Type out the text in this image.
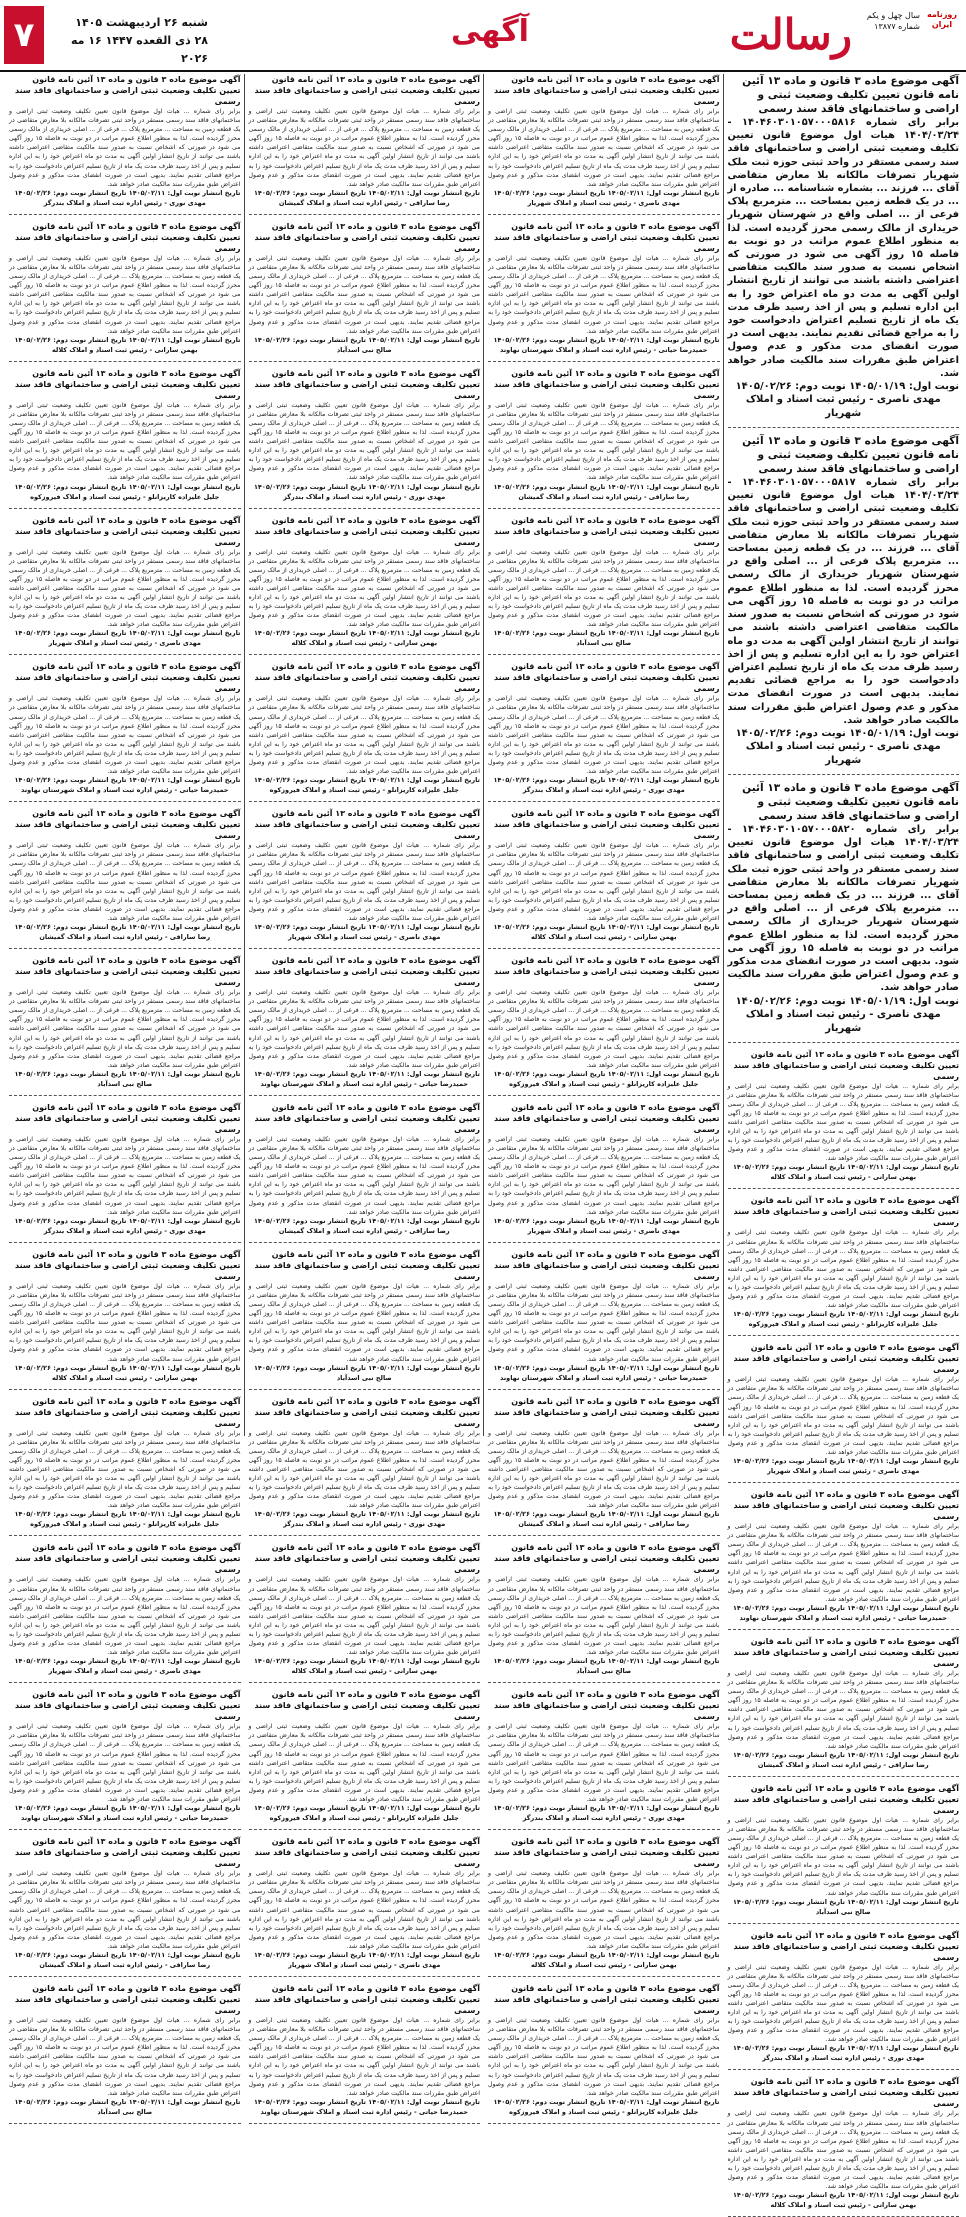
روزنامه ایران
سال چهل و یکم
شماره ۱۳۸۷۷
رسالت
آگهی
شنبه ۲۶ اردیبهشت ۱۴۰۵
۲۸ ذی القعده ۱۴۴۷ ۱۶ مه ۲۰۲۶
۷
آگهی موضوع ماده ۳ قانون و ماده ۱۳ آئین نامه قانون تعیین تکلیف وضعیت ثبتی و اراضی و ساختمانهای فاقد سند رسمی
برابر رای شماره ۱۴۰۴۶۰۳۰۱۰۵۷۰۰۰۵۸۱۶ - ۱۴۰۴/۰۳/۲۴ هیات اول موضوع قانون تعیین تکلیف وضعیت ثبتی اراضی و ساختمانهای فاقد سند رسمی مستقر در واحد ثبتی حوزه ثبت ملک شهریار تصرفات مالکانه بلا معارض متقاضی آقای ... فرزند ... بشماره شناسنامه ... صادره از ... در یک قطعه زمین بمساحت ... مترمربع پلاک فرعی از ... اصلی واقع در شهرستان شهریار خریداری از مالک رسمی محرز گردیده است. لذا به منظور اطلاع عموم مراتب در دو نوبت به فاصله ۱۵ روز آگهی می شود در صورتی که اشخاص نسبت به صدور سند مالکیت متقاضی اعتراضی داشته باشند می توانند از تاریخ انتشار اولین آگهی به مدت دو ماه اعتراض خود را به این اداره تسلیم و پس از اخذ رسید ظرف مدت یک ماه از تاریخ تسلیم اعتراض دادخواست خود را به مراجع قضائی تقدیم نمایند. بدیهی است در صورت انقضای مدت مذکور و عدم وصول اعتراض طبق مقررات سند مالکیت صادر خواهد شد.
نوبت اول: ۱۴۰۵/۰۱/۱۹ نوبت دوم: ۱۴۰۵/۰۲/۲۶
مهدی ناصری - رئیس ثبت اسناد و املاک شهریار
آگهی موضوع ماده ۳ قانون و ماده ۱۳ آئین نامه قانون تعیین تکلیف وضعیت ثبتی و اراضی و ساختمانهای فاقد سند رسمی
برابر رای شماره ۱۴۰۴۶۰۳۰۱۰۵۷۰۰۰۵۸۱۷ - ۱۴۰۴/۰۳/۲۴ هیات اول موضوع قانون تعیین تکلیف وضعیت ثبتی اراضی و ساختمانهای فاقد سند رسمی مستقر در واحد ثبتی حوزه ثبت ملک شهریار تصرفات مالکانه بلا معارض متقاضی آقای ... فرزند ... در یک قطعه زمین بمساحت ... مترمربع پلاک فرعی از ... اصلی واقع در شهرستان شهریار خریداری از مالک رسمی محرز گردیده است. لذا به منظور اطلاع عموم مراتب در دو نوبت به فاصله ۱۵ روز آگهی می شود در صورتی که اشخاص نسبت به صدور سند مالکیت متقاضی اعتراضی داشته باشند می توانند از تاریخ انتشار اولین آگهی به مدت دو ماه اعتراض خود را به این اداره تسلیم و پس از اخذ رسید ظرف مدت یک ماه از تاریخ تسلیم اعتراض دادخواست خود را به مراجع قضائی تقدیم نمایند. بدیهی است در صورت انقضای مدت مذکور و عدم وصول اعتراض طبق مقررات سند مالکیت صادر خواهد شد.
نوبت اول: ۱۴۰۵/۰۱/۱۹ نوبت دوم: ۱۴۰۵/۰۲/۲۶
مهدی ناصری - رئیس ثبت اسناد و املاک شهریار
آگهی موضوع ماده ۳ قانون و ماده ۱۳ آئین نامه قانون تعیین تکلیف وضعیت ثبتی و اراضی و ساختمانهای فاقد سند رسمی
برابر رای شماره ۱۴۰۴۶۰۳۰۱۰۵۷۰۰۰۵۸۲۰ - ۱۴۰۴/۰۳/۲۴ هیات اول موضوع قانون تعیین تکلیف وضعیت ثبتی اراضی و ساختمانهای فاقد سند رسمی مستقر در واحد ثبتی حوزه ثبت ملک شهریار تصرفات مالکانه بلا معارض متقاضی آقای ... فرزند ... در یک قطعه زمین بمساحت ... مترمربع پلاک فرعی از ... اصلی واقع در شهرستان شهریار خریداری از مالک رسمی محرز گردیده است. لذا به منظور اطلاع عموم مراتب در دو نوبت به فاصله ۱۵ روز آگهی می شود. بدیهی است در صورت انقضای مدت مذکور و عدم وصول اعتراض طبق مقررات سند مالکیت صادر خواهد شد.
نوبت اول: ۱۴۰۵/۰۱/۱۹ نوبت دوم: ۱۴۰۵/۰۲/۲۶
مهدی ناصری - رئیس ثبت اسناد و املاک شهریار
آگهی موضوع ماده ۳ قانون و ماده ۱۳ آئین نامه قانون تعیین تکلیف وضعیت ثبتی اراضی و ساختمانهای فاقد سند رسمی
برابر رای شماره ... هیات اول موضوع قانون تعیین تکلیف وضعیت ثبتی اراضی و ساختمانهای فاقد سند رسمی مستقر در واحد ثبتی تصرفات مالکانه بلا معارض متقاضی در یک قطعه زمین به مساحت ... مترمربع پلاک ... فرعی از ... اصلی خریداری از مالک رسمی محرز گردیده است. لذا به منظور اطلاع عموم مراتب در دو نوبت به فاصله ۱۵ روز آگهی می شود در صورتی که اشخاص نسبت به صدور سند مالکیت متقاضی اعتراضی داشته باشند می توانند از تاریخ انتشار اولین آگهی به مدت دو ماه اعتراض خود را به این اداره تسلیم و پس از اخذ رسید ظرف مدت یک ماه از تاریخ تسلیم اعتراض دادخواست خود را به مراجع قضائی تقدیم نمایند. بدیهی است در صورت انقضای مدت مذکور و عدم وصول اعتراض طبق مقررات سند مالکیت صادر خواهد شد.
تاریخ انتشار نوبت اول: ۱۴۰۵/۰۲/۱۱ تاریخ انتشار نوبت دوم: ۱۴۰۵/۰۲/۲۶
بهمن سارانی - رئیس ثبت اسناد و املاک کلاله
آگهی موضوع ماده ۳ قانون و ماده ۱۳ آئین نامه قانون تعیین تکلیف وضعیت ثبتی اراضی و ساختمانهای فاقد سند رسمی
برابر رای شماره ... هیات اول موضوع قانون تعیین تکلیف وضعیت ثبتی اراضی و ساختمانهای فاقد سند رسمی مستقر در واحد ثبتی تصرفات مالکانه بلا معارض متقاضی در یک قطعه زمین به مساحت ... مترمربع پلاک ... فرعی از ... اصلی خریداری از مالک رسمی محرز گردیده است. لذا به منظور اطلاع عموم مراتب در دو نوبت به فاصله ۱۵ روز آگهی می شود در صورتی که اشخاص نسبت به صدور سند مالکیت متقاضی اعتراضی داشته باشند می توانند از تاریخ انتشار اولین آگهی به مدت دو ماه اعتراض خود را به این اداره تسلیم و پس از اخذ رسید ظرف مدت یک ماه از تاریخ تسلیم اعتراض دادخواست خود را به مراجع قضائی تقدیم نمایند. بدیهی است در صورت انقضای مدت مذکور و عدم وصول اعتراض طبق مقررات سند مالکیت صادر خواهد شد.
تاریخ انتشار نوبت اول: ۱۴۰۵/۰۲/۱۱ تاریخ انتشار نوبت دوم: ۱۴۰۵/۰۲/۲۶
جلیل علیزاده کاریزانلو - رئیس ثبت اسناد و املاک فیروزکوه
آگهی موضوع ماده ۳ قانون و ماده ۱۳ آئین نامه قانون تعیین تکلیف وضعیت ثبتی اراضی و ساختمانهای فاقد سند رسمی
برابر رای شماره ... هیات اول موضوع قانون تعیین تکلیف وضعیت ثبتی اراضی و ساختمانهای فاقد سند رسمی مستقر در واحد ثبتی تصرفات مالکانه بلا معارض متقاضی در یک قطعه زمین به مساحت ... مترمربع پلاک ... فرعی از ... اصلی خریداری از مالک رسمی محرز گردیده است. لذا به منظور اطلاع عموم مراتب در دو نوبت به فاصله ۱۵ روز آگهی می شود در صورتی که اشخاص نسبت به صدور سند مالکیت متقاضی اعتراضی داشته باشند می توانند از تاریخ انتشار اولین آگهی به مدت دو ماه اعتراض خود را به این اداره تسلیم و پس از اخذ رسید ظرف مدت یک ماه از تاریخ تسلیم اعتراض دادخواست خود را به مراجع قضائی تقدیم نمایند. بدیهی است در صورت انقضای مدت مذکور و عدم وصول اعتراض طبق مقررات سند مالکیت صادر خواهد شد.
تاریخ انتشار نوبت اول: ۱۴۰۵/۰۲/۱۱ تاریخ انتشار نوبت دوم: ۱۴۰۵/۰۲/۲۶
مهدی ناصری - رئیس ثبت اسناد و املاک شهریار
آگهی موضوع ماده ۳ قانون و ماده ۱۳ آئین نامه قانون تعیین تکلیف وضعیت ثبتی اراضی و ساختمانهای فاقد سند رسمی
برابر رای شماره ... هیات اول موضوع قانون تعیین تکلیف وضعیت ثبتی اراضی و ساختمانهای فاقد سند رسمی مستقر در واحد ثبتی تصرفات مالکانه بلا معارض متقاضی در یک قطعه زمین به مساحت ... مترمربع پلاک ... فرعی از ... اصلی خریداری از مالک رسمی محرز گردیده است. لذا به منظور اطلاع عموم مراتب در دو نوبت به فاصله ۱۵ روز آگهی می شود در صورتی که اشخاص نسبت به صدور سند مالکیت متقاضی اعتراضی داشته باشند می توانند از تاریخ انتشار اولین آگهی به مدت دو ماه اعتراض خود را به این اداره تسلیم و پس از اخذ رسید ظرف مدت یک ماه از تاریخ تسلیم اعتراض دادخواست خود را به مراجع قضائی تقدیم نمایند. بدیهی است در صورت انقضای مدت مذکور و عدم وصول اعتراض طبق مقررات سند مالکیت صادر خواهد شد.
تاریخ انتشار نوبت اول: ۱۴۰۵/۰۲/۱۱ تاریخ انتشار نوبت دوم: ۱۴۰۵/۰۲/۲۶
حمیدرضا حیاتی - رئیس اداره ثبت اسناد و املاک شهرستان نهاوند
آگهی موضوع ماده ۳ قانون و ماده ۱۳ آئین نامه قانون تعیین تکلیف وضعیت ثبتی اراضی و ساختمانهای فاقد سند رسمی
برابر رای شماره ... هیات اول موضوع قانون تعیین تکلیف وضعیت ثبتی اراضی و ساختمانهای فاقد سند رسمی مستقر در واحد ثبتی تصرفات مالکانه بلا معارض متقاضی در یک قطعه زمین به مساحت ... مترمربع پلاک ... فرعی از ... اصلی خریداری از مالک رسمی محرز گردیده است. لذا به منظور اطلاع عموم مراتب در دو نوبت به فاصله ۱۵ روز آگهی می شود در صورتی که اشخاص نسبت به صدور سند مالکیت متقاضی اعتراضی داشته باشند می توانند از تاریخ انتشار اولین آگهی به مدت دو ماه اعتراض خود را به این اداره تسلیم و پس از اخذ رسید ظرف مدت یک ماه از تاریخ تسلیم اعتراض دادخواست خود را به مراجع قضائی تقدیم نمایند. بدیهی است در صورت انقضای مدت مذکور و عدم وصول اعتراض طبق مقررات سند مالکیت صادر خواهد شد.
تاریخ انتشار نوبت اول: ۱۴۰۵/۰۲/۱۱ تاریخ انتشار نوبت دوم: ۱۴۰۵/۰۲/۲۶
رضا ساراقی - رئیس اداره ثبت اسناد و املاک گمیشان
آگهی موضوع ماده ۳ قانون و ماده ۱۳ آئین نامه قانون تعیین تکلیف وضعیت ثبتی اراضی و ساختمانهای فاقد سند رسمی
برابر رای شماره ... هیات اول موضوع قانون تعیین تکلیف وضعیت ثبتی اراضی و ساختمانهای فاقد سند رسمی مستقر در واحد ثبتی تصرفات مالکانه بلا معارض متقاضی در یک قطعه زمین به مساحت ... مترمربع پلاک ... فرعی از ... اصلی خریداری از مالک رسمی محرز گردیده است. لذا به منظور اطلاع عموم مراتب در دو نوبت به فاصله ۱۵ روز آگهی می شود در صورتی که اشخاص نسبت به صدور سند مالکیت متقاضی اعتراضی داشته باشند می توانند از تاریخ انتشار اولین آگهی به مدت دو ماه اعتراض خود را به این اداره تسلیم و پس از اخذ رسید ظرف مدت یک ماه از تاریخ تسلیم اعتراض دادخواست خود را به مراجع قضائی تقدیم نمایند. بدیهی است در صورت انقضای مدت مذکور و عدم وصول اعتراض طبق مقررات سند مالکیت صادر خواهد شد.
تاریخ انتشار نوبت اول: ۱۴۰۵/۰۲/۱۱ تاریخ انتشار نوبت دوم: ۱۴۰۵/۰۲/۲۶
صالح نبی اسدآباد
آگهی موضوع ماده ۳ قانون و ماده ۱۳ آئین نامه قانون تعیین تکلیف وضعیت ثبتی اراضی و ساختمانهای فاقد سند رسمی
برابر رای شماره ... هیات اول موضوع قانون تعیین تکلیف وضعیت ثبتی اراضی و ساختمانهای فاقد سند رسمی مستقر در واحد ثبتی تصرفات مالکانه بلا معارض متقاضی در یک قطعه زمین به مساحت ... مترمربع پلاک ... فرعی از ... اصلی خریداری از مالک رسمی محرز گردیده است. لذا به منظور اطلاع عموم مراتب در دو نوبت به فاصله ۱۵ روز آگهی می شود در صورتی که اشخاص نسبت به صدور سند مالکیت متقاضی اعتراضی داشته باشند می توانند از تاریخ انتشار اولین آگهی به مدت دو ماه اعتراض خود را به این اداره تسلیم و پس از اخذ رسید ظرف مدت یک ماه از تاریخ تسلیم اعتراض دادخواست خود را به مراجع قضائی تقدیم نمایند. بدیهی است در صورت انقضای مدت مذکور و عدم وصول اعتراض طبق مقررات سند مالکیت صادر خواهد شد.
تاریخ انتشار نوبت اول: ۱۴۰۵/۰۲/۱۱ تاریخ انتشار نوبت دوم: ۱۴۰۵/۰۲/۲۶
مهدی نوری - رئیس اداره ثبت اسناد و املاک بندرگز
آگهی موضوع ماده ۳ قانون و ماده ۱۳ آئین نامه قانون تعیین تکلیف وضعیت ثبتی اراضی و ساختمانهای فاقد سند رسمی
برابر رای شماره ... هیات اول موضوع قانون تعیین تکلیف وضعیت ثبتی اراضی و ساختمانهای فاقد سند رسمی مستقر در واحد ثبتی تصرفات مالکانه بلا معارض متقاضی در یک قطعه زمین به مساحت ... مترمربع پلاک ... فرعی از ... اصلی خریداری از مالک رسمی محرز گردیده است. لذا به منظور اطلاع عموم مراتب در دو نوبت به فاصله ۱۵ روز آگهی می شود در صورتی که اشخاص نسبت به صدور سند مالکیت متقاضی اعتراضی داشته باشند می توانند از تاریخ انتشار اولین آگهی به مدت دو ماه اعتراض خود را به این اداره تسلیم و پس از اخذ رسید ظرف مدت یک ماه از تاریخ تسلیم اعتراض دادخواست خود را به مراجع قضائی تقدیم نمایند. بدیهی است در صورت انقضای مدت مذکور و عدم وصول اعتراض طبق مقررات سند مالکیت صادر خواهد شد.
تاریخ انتشار نوبت اول: ۱۴۰۵/۰۲/۱۱ تاریخ انتشار نوبت دوم: ۱۴۰۵/۰۲/۲۶
بهمن سارانی - رئیس ثبت اسناد و املاک کلاله
آگهی موضوع ماده ۳ قانون و ماده ۱۳ آئین نامه قانون تعیین تکلیف وضعیت ثبتی اراضی و ساختمانهای فاقد سند رسمی
برابر رای شماره ... هیات اول موضوع قانون تعیین تکلیف وضعیت ثبتی اراضی و ساختمانهای فاقد سند رسمی مستقر در واحد ثبتی تصرفات مالکانه بلا معارض متقاضی در یک قطعه زمین به مساحت ... مترمربع پلاک ... فرعی از ... اصلی خریداری از مالک رسمی محرز گردیده است. لذا به منظور اطلاع عموم مراتب در دو نوبت به فاصله ۱۵ روز آگهی می شود در صورتی که اشخاص نسبت به صدور سند مالکیت متقاضی اعتراضی داشته باشند می توانند از تاریخ انتشار اولین آگهی به مدت دو ماه اعتراض خود را به این اداره تسلیم و پس از اخذ رسید ظرف مدت یک ماه از تاریخ تسلیم اعتراض دادخواست خود را به مراجع قضائی تقدیم نمایند. بدیهی است در صورت انقضای مدت مذکور و عدم وصول اعتراض طبق مقررات سند مالکیت صادر خواهد شد.
تاریخ انتشار نوبت اول: ۱۴۰۵/۰۲/۱۱ تاریخ انتشار نوبت دوم: ۱۴۰۵/۰۲/۲۶
مهدی ناصری - رئیس ثبت اسناد و املاک شهریار
آگهی موضوع ماده ۳ قانون و ماده ۱۳ آئین نامه قانون تعیین تکلیف وضعیت ثبتی اراضی و ساختمانهای فاقد سند رسمی
برابر رای شماره ... هیات اول موضوع قانون تعیین تکلیف وضعیت ثبتی اراضی و ساختمانهای فاقد سند رسمی مستقر در واحد ثبتی تصرفات مالکانه بلا معارض متقاضی در یک قطعه زمین به مساحت ... مترمربع پلاک ... فرعی از ... اصلی خریداری از مالک رسمی محرز گردیده است. لذا به منظور اطلاع عموم مراتب در دو نوبت به فاصله ۱۵ روز آگهی می شود در صورتی که اشخاص نسبت به صدور سند مالکیت متقاضی اعتراضی داشته باشند می توانند از تاریخ انتشار اولین آگهی به مدت دو ماه اعتراض خود را به این اداره تسلیم و پس از اخذ رسید ظرف مدت یک ماه از تاریخ تسلیم اعتراض دادخواست خود را به مراجع قضائی تقدیم نمایند. بدیهی است در صورت انقضای مدت مذکور و عدم وصول اعتراض طبق مقررات سند مالکیت صادر خواهد شد.
تاریخ انتشار نوبت اول: ۱۴۰۵/۰۲/۱۱ تاریخ انتشار نوبت دوم: ۱۴۰۵/۰۲/۲۶
حمیدرضا حیاتی - رئیس اداره ثبت اسناد و املاک شهرستان نهاوند
آگهی موضوع ماده ۳ قانون و ماده ۱۳ آئین نامه قانون تعیین تکلیف وضعیت ثبتی اراضی و ساختمانهای فاقد سند رسمی
برابر رای شماره ... هیات اول موضوع قانون تعیین تکلیف وضعیت ثبتی اراضی و ساختمانهای فاقد سند رسمی مستقر در واحد ثبتی تصرفات مالکانه بلا معارض متقاضی در یک قطعه زمین به مساحت ... مترمربع پلاک ... فرعی از ... اصلی خریداری از مالک رسمی محرز گردیده است. لذا به منظور اطلاع عموم مراتب در دو نوبت به فاصله ۱۵ روز آگهی می شود در صورتی که اشخاص نسبت به صدور سند مالکیت متقاضی اعتراضی داشته باشند می توانند از تاریخ انتشار اولین آگهی به مدت دو ماه اعتراض خود را به این اداره تسلیم و پس از اخذ رسید ظرف مدت یک ماه از تاریخ تسلیم اعتراض دادخواست خود را به مراجع قضائی تقدیم نمایند. بدیهی است در صورت انقضای مدت مذکور و عدم وصول اعتراض طبق مقررات سند مالکیت صادر خواهد شد.
تاریخ انتشار نوبت اول: ۱۴۰۵/۰۲/۱۱ تاریخ انتشار نوبت دوم: ۱۴۰۵/۰۲/۲۶
رضا ساراقی - رئیس اداره ثبت اسناد و املاک گمیشان
آگهی موضوع ماده ۳ قانون و ماده ۱۳ آئین نامه قانون تعیین تکلیف وضعیت ثبتی اراضی و ساختمانهای فاقد سند رسمی
برابر رای شماره ... هیات اول موضوع قانون تعیین تکلیف وضعیت ثبتی اراضی و ساختمانهای فاقد سند رسمی مستقر در واحد ثبتی تصرفات مالکانه بلا معارض متقاضی در یک قطعه زمین به مساحت ... مترمربع پلاک ... فرعی از ... اصلی خریداری از مالک رسمی محرز گردیده است. لذا به منظور اطلاع عموم مراتب در دو نوبت به فاصله ۱۵ روز آگهی می شود در صورتی که اشخاص نسبت به صدور سند مالکیت متقاضی اعتراضی داشته باشند می توانند از تاریخ انتشار اولین آگهی به مدت دو ماه اعتراض خود را به این اداره تسلیم و پس از اخذ رسید ظرف مدت یک ماه از تاریخ تسلیم اعتراض دادخواست خود را به مراجع قضائی تقدیم نمایند. بدیهی است در صورت انقضای مدت مذکور و عدم وصول اعتراض طبق مقررات سند مالکیت صادر خواهد شد.
تاریخ انتشار نوبت اول: ۱۴۰۵/۰۲/۱۱ تاریخ انتشار نوبت دوم: ۱۴۰۵/۰۲/۲۶
صالح نبی اسدآباد
آگهی موضوع ماده ۳ قانون و ماده ۱۳ آئین نامه قانون تعیین تکلیف وضعیت ثبتی اراضی و ساختمانهای فاقد سند رسمی
برابر رای شماره ... هیات اول موضوع قانون تعیین تکلیف وضعیت ثبتی اراضی و ساختمانهای فاقد سند رسمی مستقر در واحد ثبتی تصرفات مالکانه بلا معارض متقاضی در یک قطعه زمین به مساحت ... مترمربع پلاک ... فرعی از ... اصلی خریداری از مالک رسمی محرز گردیده است. لذا به منظور اطلاع عموم مراتب در دو نوبت به فاصله ۱۵ روز آگهی می شود در صورتی که اشخاص نسبت به صدور سند مالکیت متقاضی اعتراضی داشته باشند می توانند از تاریخ انتشار اولین آگهی به مدت دو ماه اعتراض خود را به این اداره تسلیم و پس از اخذ رسید ظرف مدت یک ماه از تاریخ تسلیم اعتراض دادخواست خود را به مراجع قضائی تقدیم نمایند. بدیهی است در صورت انقضای مدت مذکور و عدم وصول اعتراض طبق مقررات سند مالکیت صادر خواهد شد.
تاریخ انتشار نوبت اول: ۱۴۰۵/۰۲/۱۱ تاریخ انتشار نوبت دوم: ۱۴۰۵/۰۲/۲۶
مهدی نوری - رئیس اداره ثبت اسناد و املاک بندرگز
آگهی موضوع ماده ۳ قانون و ماده ۱۳ آئین نامه قانون تعیین تکلیف وضعیت ثبتی اراضی و ساختمانهای فاقد سند رسمی
برابر رای شماره ... هیات اول موضوع قانون تعیین تکلیف وضعیت ثبتی اراضی و ساختمانهای فاقد سند رسمی مستقر در واحد ثبتی تصرفات مالکانه بلا معارض متقاضی در یک قطعه زمین به مساحت ... مترمربع پلاک ... فرعی از ... اصلی خریداری از مالک رسمی محرز گردیده است. لذا به منظور اطلاع عموم مراتب در دو نوبت به فاصله ۱۵ روز آگهی می شود در صورتی که اشخاص نسبت به صدور سند مالکیت متقاضی اعتراضی داشته باشند می توانند از تاریخ انتشار اولین آگهی به مدت دو ماه اعتراض خود را به این اداره تسلیم و پس از اخذ رسید ظرف مدت یک ماه از تاریخ تسلیم اعتراض دادخواست خود را به مراجع قضائی تقدیم نمایند. بدیهی است در صورت انقضای مدت مذکور و عدم وصول اعتراض طبق مقررات سند مالکیت صادر خواهد شد.
تاریخ انتشار نوبت اول: ۱۴۰۵/۰۲/۱۱ تاریخ انتشار نوبت دوم: ۱۴۰۵/۰۲/۲۶
بهمن سارانی - رئیس ثبت اسناد و املاک کلاله
آگهی موضوع ماده ۳ قانون و ماده ۱۳ آئین نامه قانون تعیین تکلیف وضعیت ثبتی اراضی و ساختمانهای فاقد سند رسمی
برابر رای شماره ... هیات اول موضوع قانون تعیین تکلیف وضعیت ثبتی اراضی و ساختمانهای فاقد سند رسمی مستقر در واحد ثبتی تصرفات مالکانه بلا معارض متقاضی در یک قطعه زمین به مساحت ... مترمربع پلاک ... فرعی از ... اصلی خریداری از مالک رسمی محرز گردیده است. لذا به منظور اطلاع عموم مراتب در دو نوبت به فاصله ۱۵ روز آگهی می شود در صورتی که اشخاص نسبت به صدور سند مالکیت متقاضی اعتراضی داشته باشند می توانند از تاریخ انتشار اولین آگهی به مدت دو ماه اعتراض خود را به این اداره تسلیم و پس از اخذ رسید ظرف مدت یک ماه از تاریخ تسلیم اعتراض دادخواست خود را به مراجع قضائی تقدیم نمایند. بدیهی است در صورت انقضای مدت مذکور و عدم وصول اعتراض طبق مقررات سند مالکیت صادر خواهد شد.
تاریخ انتشار نوبت اول: ۱۴۰۵/۰۲/۱۱ تاریخ انتشار نوبت دوم: ۱۴۰۵/۰۲/۲۶
جلیل علیزاده کاریزانلو - رئیس ثبت اسناد و املاک فیروزکوه
آگهی موضوع ماده ۳ قانون و ماده ۱۳ آئین نامه قانون تعیین تکلیف وضعیت ثبتی اراضی و ساختمانهای فاقد سند رسمی
برابر رای شماره ... هیات اول موضوع قانون تعیین تکلیف وضعیت ثبتی اراضی و ساختمانهای فاقد سند رسمی مستقر در واحد ثبتی تصرفات مالکانه بلا معارض متقاضی در یک قطعه زمین به مساحت ... مترمربع پلاک ... فرعی از ... اصلی خریداری از مالک رسمی محرز گردیده است. لذا به منظور اطلاع عموم مراتب در دو نوبت به فاصله ۱۵ روز آگهی می شود در صورتی که اشخاص نسبت به صدور سند مالکیت متقاضی اعتراضی داشته باشند می توانند از تاریخ انتشار اولین آگهی به مدت دو ماه اعتراض خود را به این اداره تسلیم و پس از اخذ رسید ظرف مدت یک ماه از تاریخ تسلیم اعتراض دادخواست خود را به مراجع قضائی تقدیم نمایند. بدیهی است در صورت انقضای مدت مذکور و عدم وصول اعتراض طبق مقررات سند مالکیت صادر خواهد شد.
تاریخ انتشار نوبت اول: ۱۴۰۵/۰۲/۱۱ تاریخ انتشار نوبت دوم: ۱۴۰۵/۰۲/۲۶
مهدی ناصری - رئیس ثبت اسناد و املاک شهریار
آگهی موضوع ماده ۳ قانون و ماده ۱۳ آئین نامه قانون تعیین تکلیف وضعیت ثبتی اراضی و ساختمانهای فاقد سند رسمی
برابر رای شماره ... هیات اول موضوع قانون تعیین تکلیف وضعیت ثبتی اراضی و ساختمانهای فاقد سند رسمی مستقر در واحد ثبتی تصرفات مالکانه بلا معارض متقاضی در یک قطعه زمین به مساحت ... مترمربع پلاک ... فرعی از ... اصلی خریداری از مالک رسمی محرز گردیده است. لذا به منظور اطلاع عموم مراتب در دو نوبت به فاصله ۱۵ روز آگهی می شود در صورتی که اشخاص نسبت به صدور سند مالکیت متقاضی اعتراضی داشته باشند می توانند از تاریخ انتشار اولین آگهی به مدت دو ماه اعتراض خود را به این اداره تسلیم و پس از اخذ رسید ظرف مدت یک ماه از تاریخ تسلیم اعتراض دادخواست خود را به مراجع قضائی تقدیم نمایند. بدیهی است در صورت انقضای مدت مذکور و عدم وصول اعتراض طبق مقررات سند مالکیت صادر خواهد شد.
تاریخ انتشار نوبت اول: ۱۴۰۵/۰۲/۱۱ تاریخ انتشار نوبت دوم: ۱۴۰۵/۰۲/۲۶
حمیدرضا حیاتی - رئیس اداره ثبت اسناد و املاک شهرستان نهاوند
آگهی موضوع ماده ۳ قانون و ماده ۱۳ آئین نامه قانون تعیین تکلیف وضعیت ثبتی اراضی و ساختمانهای فاقد سند رسمی
برابر رای شماره ... هیات اول موضوع قانون تعیین تکلیف وضعیت ثبتی اراضی و ساختمانهای فاقد سند رسمی مستقر در واحد ثبتی تصرفات مالکانه بلا معارض متقاضی در یک قطعه زمین به مساحت ... مترمربع پلاک ... فرعی از ... اصلی خریداری از مالک رسمی محرز گردیده است. لذا به منظور اطلاع عموم مراتب در دو نوبت به فاصله ۱۵ روز آگهی می شود در صورتی که اشخاص نسبت به صدور سند مالکیت متقاضی اعتراضی داشته باشند می توانند از تاریخ انتشار اولین آگهی به مدت دو ماه اعتراض خود را به این اداره تسلیم و پس از اخذ رسید ظرف مدت یک ماه از تاریخ تسلیم اعتراض دادخواست خود را به مراجع قضائی تقدیم نمایند. بدیهی است در صورت انقضای مدت مذکور و عدم وصول اعتراض طبق مقررات سند مالکیت صادر خواهد شد.
تاریخ انتشار نوبت اول: ۱۴۰۵/۰۲/۱۱ تاریخ انتشار نوبت دوم: ۱۴۰۵/۰۲/۲۶
رضا ساراقی - رئیس اداره ثبت اسناد و املاک گمیشان
آگهی موضوع ماده ۳ قانون و ماده ۱۳ آئین نامه قانون تعیین تکلیف وضعیت ثبتی اراضی و ساختمانهای فاقد سند رسمی
برابر رای شماره ... هیات اول موضوع قانون تعیین تکلیف وضعیت ثبتی اراضی و ساختمانهای فاقد سند رسمی مستقر در واحد ثبتی تصرفات مالکانه بلا معارض متقاضی در یک قطعه زمین به مساحت ... مترمربع پلاک ... فرعی از ... اصلی خریداری از مالک رسمی محرز گردیده است. لذا به منظور اطلاع عموم مراتب در دو نوبت به فاصله ۱۵ روز آگهی می شود در صورتی که اشخاص نسبت به صدور سند مالکیت متقاضی اعتراضی داشته باشند می توانند از تاریخ انتشار اولین آگهی به مدت دو ماه اعتراض خود را به این اداره تسلیم و پس از اخذ رسید ظرف مدت یک ماه از تاریخ تسلیم اعتراض دادخواست خود را به مراجع قضائی تقدیم نمایند. بدیهی است در صورت انقضای مدت مذکور و عدم وصول اعتراض طبق مقررات سند مالکیت صادر خواهد شد.
تاریخ انتشار نوبت اول: ۱۴۰۵/۰۲/۱۱ تاریخ انتشار نوبت دوم: ۱۴۰۵/۰۲/۲۶
صالح نبی اسدآباد
آگهی موضوع ماده ۳ قانون و ماده ۱۳ آئین نامه قانون تعیین تکلیف وضعیت ثبتی اراضی و ساختمانهای فاقد سند رسمی
برابر رای شماره ... هیات اول موضوع قانون تعیین تکلیف وضعیت ثبتی اراضی و ساختمانهای فاقد سند رسمی مستقر در واحد ثبتی تصرفات مالکانه بلا معارض متقاضی در یک قطعه زمین به مساحت ... مترمربع پلاک ... فرعی از ... اصلی خریداری از مالک رسمی محرز گردیده است. لذا به منظور اطلاع عموم مراتب در دو نوبت به فاصله ۱۵ روز آگهی می شود در صورتی که اشخاص نسبت به صدور سند مالکیت متقاضی اعتراضی داشته باشند می توانند از تاریخ انتشار اولین آگهی به مدت دو ماه اعتراض خود را به این اداره تسلیم و پس از اخذ رسید ظرف مدت یک ماه از تاریخ تسلیم اعتراض دادخواست خود را به مراجع قضائی تقدیم نمایند. بدیهی است در صورت انقضای مدت مذکور و عدم وصول اعتراض طبق مقررات سند مالکیت صادر خواهد شد.
تاریخ انتشار نوبت اول: ۱۴۰۵/۰۲/۱۱ تاریخ انتشار نوبت دوم: ۱۴۰۵/۰۲/۲۶
مهدی نوری - رئیس اداره ثبت اسناد و املاک بندرگز
آگهی موضوع ماده ۳ قانون و ماده ۱۳ آئین نامه قانون تعیین تکلیف وضعیت ثبتی اراضی و ساختمانهای فاقد سند رسمی
برابر رای شماره ... هیات اول موضوع قانون تعیین تکلیف وضعیت ثبتی اراضی و ساختمانهای فاقد سند رسمی مستقر در واحد ثبتی تصرفات مالکانه بلا معارض متقاضی در یک قطعه زمین به مساحت ... مترمربع پلاک ... فرعی از ... اصلی خریداری از مالک رسمی محرز گردیده است. لذا به منظور اطلاع عموم مراتب در دو نوبت به فاصله ۱۵ روز آگهی می شود در صورتی که اشخاص نسبت به صدور سند مالکیت متقاضی اعتراضی داشته باشند می توانند از تاریخ انتشار اولین آگهی به مدت دو ماه اعتراض خود را به این اداره تسلیم و پس از اخذ رسید ظرف مدت یک ماه از تاریخ تسلیم اعتراض دادخواست خود را به مراجع قضائی تقدیم نمایند. بدیهی است در صورت انقضای مدت مذکور و عدم وصول اعتراض طبق مقررات سند مالکیت صادر خواهد شد.
تاریخ انتشار نوبت اول: ۱۴۰۵/۰۲/۱۱ تاریخ انتشار نوبت دوم: ۱۴۰۵/۰۲/۲۶
بهمن سارانی - رئیس ثبت اسناد و املاک کلاله
آگهی موضوع ماده ۳ قانون و ماده ۱۳ آئین نامه قانون تعیین تکلیف وضعیت ثبتی اراضی و ساختمانهای فاقد سند رسمی
برابر رای شماره ... هیات اول موضوع قانون تعیین تکلیف وضعیت ثبتی اراضی و ساختمانهای فاقد سند رسمی مستقر در واحد ثبتی تصرفات مالکانه بلا معارض متقاضی در یک قطعه زمین به مساحت ... مترمربع پلاک ... فرعی از ... اصلی خریداری از مالک رسمی محرز گردیده است. لذا به منظور اطلاع عموم مراتب در دو نوبت به فاصله ۱۵ روز آگهی می شود در صورتی که اشخاص نسبت به صدور سند مالکیت متقاضی اعتراضی داشته باشند می توانند از تاریخ انتشار اولین آگهی به مدت دو ماه اعتراض خود را به این اداره تسلیم و پس از اخذ رسید ظرف مدت یک ماه از تاریخ تسلیم اعتراض دادخواست خود را به مراجع قضائی تقدیم نمایند. بدیهی است در صورت انقضای مدت مذکور و عدم وصول اعتراض طبق مقررات سند مالکیت صادر خواهد شد.
تاریخ انتشار نوبت اول: ۱۴۰۵/۰۲/۱۱ تاریخ انتشار نوبت دوم: ۱۴۰۵/۰۲/۲۶
جلیل علیزاده کاریزانلو - رئیس ثبت اسناد و املاک فیروزکوه
آگهی موضوع ماده ۳ قانون و ماده ۱۳ آئین نامه قانون تعیین تکلیف وضعیت ثبتی اراضی و ساختمانهای فاقد سند رسمی
برابر رای شماره ... هیات اول موضوع قانون تعیین تکلیف وضعیت ثبتی اراضی و ساختمانهای فاقد سند رسمی مستقر در واحد ثبتی تصرفات مالکانه بلا معارض متقاضی در یک قطعه زمین به مساحت ... مترمربع پلاک ... فرعی از ... اصلی خریداری از مالک رسمی محرز گردیده است. لذا به منظور اطلاع عموم مراتب در دو نوبت به فاصله ۱۵ روز آگهی می شود در صورتی که اشخاص نسبت به صدور سند مالکیت متقاضی اعتراضی داشته باشند می توانند از تاریخ انتشار اولین آگهی به مدت دو ماه اعتراض خود را به این اداره تسلیم و پس از اخذ رسید ظرف مدت یک ماه از تاریخ تسلیم اعتراض دادخواست خود را به مراجع قضائی تقدیم نمایند. بدیهی است در صورت انقضای مدت مذکور و عدم وصول اعتراض طبق مقررات سند مالکیت صادر خواهد شد.
تاریخ انتشار نوبت اول: ۱۴۰۵/۰۲/۱۱ تاریخ انتشار نوبت دوم: ۱۴۰۵/۰۲/۲۶
رضا ساراقی - رئیس اداره ثبت اسناد و املاک گمیشان
آگهی موضوع ماده ۳ قانون و ماده ۱۳ آئین نامه قانون تعیین تکلیف وضعیت ثبتی اراضی و ساختمانهای فاقد سند رسمی
برابر رای شماره ... هیات اول موضوع قانون تعیین تکلیف وضعیت ثبتی اراضی و ساختمانهای فاقد سند رسمی مستقر در واحد ثبتی تصرفات مالکانه بلا معارض متقاضی در یک قطعه زمین به مساحت ... مترمربع پلاک ... فرعی از ... اصلی خریداری از مالک رسمی محرز گردیده است. لذا به منظور اطلاع عموم مراتب در دو نوبت به فاصله ۱۵ روز آگهی می شود در صورتی که اشخاص نسبت به صدور سند مالکیت متقاضی اعتراضی داشته باشند می توانند از تاریخ انتشار اولین آگهی به مدت دو ماه اعتراض خود را به این اداره تسلیم و پس از اخذ رسید ظرف مدت یک ماه از تاریخ تسلیم اعتراض دادخواست خود را به مراجع قضائی تقدیم نمایند. بدیهی است در صورت انقضای مدت مذکور و عدم وصول اعتراض طبق مقررات سند مالکیت صادر خواهد شد.
تاریخ انتشار نوبت اول: ۱۴۰۵/۰۲/۱۱ تاریخ انتشار نوبت دوم: ۱۴۰۵/۰۲/۲۶
صالح نبی اسدآباد
آگهی موضوع ماده ۳ قانون و ماده ۱۳ آئین نامه قانون تعیین تکلیف وضعیت ثبتی اراضی و ساختمانهای فاقد سند رسمی
برابر رای شماره ... هیات اول موضوع قانون تعیین تکلیف وضعیت ثبتی اراضی و ساختمانهای فاقد سند رسمی مستقر در واحد ثبتی تصرفات مالکانه بلا معارض متقاضی در یک قطعه زمین به مساحت ... مترمربع پلاک ... فرعی از ... اصلی خریداری از مالک رسمی محرز گردیده است. لذا به منظور اطلاع عموم مراتب در دو نوبت به فاصله ۱۵ روز آگهی می شود در صورتی که اشخاص نسبت به صدور سند مالکیت متقاضی اعتراضی داشته باشند می توانند از تاریخ انتشار اولین آگهی به مدت دو ماه اعتراض خود را به این اداره تسلیم و پس از اخذ رسید ظرف مدت یک ماه از تاریخ تسلیم اعتراض دادخواست خود را به مراجع قضائی تقدیم نمایند. بدیهی است در صورت انقضای مدت مذکور و عدم وصول اعتراض طبق مقررات سند مالکیت صادر خواهد شد.
تاریخ انتشار نوبت اول: ۱۴۰۵/۰۲/۱۱ تاریخ انتشار نوبت دوم: ۱۴۰۵/۰۲/۲۶
مهدی نوری - رئیس اداره ثبت اسناد و املاک بندرگز
آگهی موضوع ماده ۳ قانون و ماده ۱۳ آئین نامه قانون تعیین تکلیف وضعیت ثبتی اراضی و ساختمانهای فاقد سند رسمی
برابر رای شماره ... هیات اول موضوع قانون تعیین تکلیف وضعیت ثبتی اراضی و ساختمانهای فاقد سند رسمی مستقر در واحد ثبتی تصرفات مالکانه بلا معارض متقاضی در یک قطعه زمین به مساحت ... مترمربع پلاک ... فرعی از ... اصلی خریداری از مالک رسمی محرز گردیده است. لذا به منظور اطلاع عموم مراتب در دو نوبت به فاصله ۱۵ روز آگهی می شود در صورتی که اشخاص نسبت به صدور سند مالکیت متقاضی اعتراضی داشته باشند می توانند از تاریخ انتشار اولین آگهی به مدت دو ماه اعتراض خود را به این اداره تسلیم و پس از اخذ رسید ظرف مدت یک ماه از تاریخ تسلیم اعتراض دادخواست خود را به مراجع قضائی تقدیم نمایند. بدیهی است در صورت انقضای مدت مذکور و عدم وصول اعتراض طبق مقررات سند مالکیت صادر خواهد شد.
تاریخ انتشار نوبت اول: ۱۴۰۵/۰۲/۱۱ تاریخ انتشار نوبت دوم: ۱۴۰۵/۰۲/۲۶
بهمن سارانی - رئیس ثبت اسناد و املاک کلاله
آگهی موضوع ماده ۳ قانون و ماده ۱۳ آئین نامه قانون تعیین تکلیف وضعیت ثبتی اراضی و ساختمانهای فاقد سند رسمی
برابر رای شماره ... هیات اول موضوع قانون تعیین تکلیف وضعیت ثبتی اراضی و ساختمانهای فاقد سند رسمی مستقر در واحد ثبتی تصرفات مالکانه بلا معارض متقاضی در یک قطعه زمین به مساحت ... مترمربع پلاک ... فرعی از ... اصلی خریداری از مالک رسمی محرز گردیده است. لذا به منظور اطلاع عموم مراتب در دو نوبت به فاصله ۱۵ روز آگهی می شود در صورتی که اشخاص نسبت به صدور سند مالکیت متقاضی اعتراضی داشته باشند می توانند از تاریخ انتشار اولین آگهی به مدت دو ماه اعتراض خود را به این اداره تسلیم و پس از اخذ رسید ظرف مدت یک ماه از تاریخ تسلیم اعتراض دادخواست خود را به مراجع قضائی تقدیم نمایند. بدیهی است در صورت انقضای مدت مذکور و عدم وصول اعتراض طبق مقررات سند مالکیت صادر خواهد شد.
تاریخ انتشار نوبت اول: ۱۴۰۵/۰۲/۱۱ تاریخ انتشار نوبت دوم: ۱۴۰۵/۰۲/۲۶
جلیل علیزاده کاریزانلو - رئیس ثبت اسناد و املاک فیروزکوه
آگهی موضوع ماده ۳ قانون و ماده ۱۳ آئین نامه قانون تعیین تکلیف وضعیت ثبتی اراضی و ساختمانهای فاقد سند رسمی
برابر رای شماره ... هیات اول موضوع قانون تعیین تکلیف وضعیت ثبتی اراضی و ساختمانهای فاقد سند رسمی مستقر در واحد ثبتی تصرفات مالکانه بلا معارض متقاضی در یک قطعه زمین به مساحت ... مترمربع پلاک ... فرعی از ... اصلی خریداری از مالک رسمی محرز گردیده است. لذا به منظور اطلاع عموم مراتب در دو نوبت به فاصله ۱۵ روز آگهی می شود در صورتی که اشخاص نسبت به صدور سند مالکیت متقاضی اعتراضی داشته باشند می توانند از تاریخ انتشار اولین آگهی به مدت دو ماه اعتراض خود را به این اداره تسلیم و پس از اخذ رسید ظرف مدت یک ماه از تاریخ تسلیم اعتراض دادخواست خود را به مراجع قضائی تقدیم نمایند. بدیهی است در صورت انقضای مدت مذکور و عدم وصول اعتراض طبق مقررات سند مالکیت صادر خواهد شد.
تاریخ انتشار نوبت اول: ۱۴۰۵/۰۲/۱۱ تاریخ انتشار نوبت دوم: ۱۴۰۵/۰۲/۲۶
مهدی ناصری - رئیس ثبت اسناد و املاک شهریار
آگهی موضوع ماده ۳ قانون و ماده ۱۳ آئین نامه قانون تعیین تکلیف وضعیت ثبتی اراضی و ساختمانهای فاقد سند رسمی
برابر رای شماره ... هیات اول موضوع قانون تعیین تکلیف وضعیت ثبتی اراضی و ساختمانهای فاقد سند رسمی مستقر در واحد ثبتی تصرفات مالکانه بلا معارض متقاضی در یک قطعه زمین به مساحت ... مترمربع پلاک ... فرعی از ... اصلی خریداری از مالک رسمی محرز گردیده است. لذا به منظور اطلاع عموم مراتب در دو نوبت به فاصله ۱۵ روز آگهی می شود در صورتی که اشخاص نسبت به صدور سند مالکیت متقاضی اعتراضی داشته باشند می توانند از تاریخ انتشار اولین آگهی به مدت دو ماه اعتراض خود را به این اداره تسلیم و پس از اخذ رسید ظرف مدت یک ماه از تاریخ تسلیم اعتراض دادخواست خود را به مراجع قضائی تقدیم نمایند. بدیهی است در صورت انقضای مدت مذکور و عدم وصول اعتراض طبق مقررات سند مالکیت صادر خواهد شد.
تاریخ انتشار نوبت اول: ۱۴۰۵/۰۲/۱۱ تاریخ انتشار نوبت دوم: ۱۴۰۵/۰۲/۲۶
حمیدرضا حیاتی - رئیس اداره ثبت اسناد و املاک شهرستان نهاوند
آگهی موضوع ماده ۳ قانون و ماده ۱۳ آئین نامه قانون تعیین تکلیف وضعیت ثبتی اراضی و ساختمانهای فاقد سند رسمی
برابر رای شماره ... هیات اول موضوع قانون تعیین تکلیف وضعیت ثبتی اراضی و ساختمانهای فاقد سند رسمی مستقر در واحد ثبتی تصرفات مالکانه بلا معارض متقاضی در یک قطعه زمین به مساحت ... مترمربع پلاک ... فرعی از ... اصلی خریداری از مالک رسمی محرز گردیده است. لذا به منظور اطلاع عموم مراتب در دو نوبت به فاصله ۱۵ روز آگهی می شود در صورتی که اشخاص نسبت به صدور سند مالکیت متقاضی اعتراضی داشته باشند می توانند از تاریخ انتشار اولین آگهی به مدت دو ماه اعتراض خود را به این اداره تسلیم و پس از اخذ رسید ظرف مدت یک ماه از تاریخ تسلیم اعتراض دادخواست خود را به مراجع قضائی تقدیم نمایند. بدیهی است در صورت انقضای مدت مذکور و عدم وصول اعتراض طبق مقررات سند مالکیت صادر خواهد شد.
تاریخ انتشار نوبت اول: ۱۴۰۵/۰۲/۱۱ تاریخ انتشار نوبت دوم: ۱۴۰۵/۰۲/۲۶
رضا ساراقی - رئیس اداره ثبت اسناد و املاک گمیشان
آگهی موضوع ماده ۳ قانون و ماده ۱۳ آئین نامه قانون تعیین تکلیف وضعیت ثبتی اراضی و ساختمانهای فاقد سند رسمی
برابر رای شماره ... هیات اول موضوع قانون تعیین تکلیف وضعیت ثبتی اراضی و ساختمانهای فاقد سند رسمی مستقر در واحد ثبتی تصرفات مالکانه بلا معارض متقاضی در یک قطعه زمین به مساحت ... مترمربع پلاک ... فرعی از ... اصلی خریداری از مالک رسمی محرز گردیده است. لذا به منظور اطلاع عموم مراتب در دو نوبت به فاصله ۱۵ روز آگهی می شود در صورتی که اشخاص نسبت به صدور سند مالکیت متقاضی اعتراضی داشته باشند می توانند از تاریخ انتشار اولین آگهی به مدت دو ماه اعتراض خود را به این اداره تسلیم و پس از اخذ رسید ظرف مدت یک ماه از تاریخ تسلیم اعتراض دادخواست خود را به مراجع قضائی تقدیم نمایند. بدیهی است در صورت انقضای مدت مذکور و عدم وصول اعتراض طبق مقررات سند مالکیت صادر خواهد شد.
تاریخ انتشار نوبت اول: ۱۴۰۵/۰۲/۱۱ تاریخ انتشار نوبت دوم: ۱۴۰۵/۰۲/۲۶
صالح نبی اسدآباد
آگهی موضوع ماده ۳ قانون و ماده ۱۳ آئین نامه قانون تعیین تکلیف وضعیت ثبتی اراضی و ساختمانهای فاقد سند رسمی
برابر رای شماره ... هیات اول موضوع قانون تعیین تکلیف وضعیت ثبتی اراضی و ساختمانهای فاقد سند رسمی مستقر در واحد ثبتی تصرفات مالکانه بلا معارض متقاضی در یک قطعه زمین به مساحت ... مترمربع پلاک ... فرعی از ... اصلی خریداری از مالک رسمی محرز گردیده است. لذا به منظور اطلاع عموم مراتب در دو نوبت به فاصله ۱۵ روز آگهی می شود در صورتی که اشخاص نسبت به صدور سند مالکیت متقاضی اعتراضی داشته باشند می توانند از تاریخ انتشار اولین آگهی به مدت دو ماه اعتراض خود را به این اداره تسلیم و پس از اخذ رسید ظرف مدت یک ماه از تاریخ تسلیم اعتراض دادخواست خود را به مراجع قضائی تقدیم نمایند. بدیهی است در صورت انقضای مدت مذکور و عدم وصول اعتراض طبق مقررات سند مالکیت صادر خواهد شد.
تاریخ انتشار نوبت اول: ۱۴۰۵/۰۲/۱۱ تاریخ انتشار نوبت دوم: ۱۴۰۵/۰۲/۲۶
مهدی نوری - رئیس اداره ثبت اسناد و املاک بندرگز
آگهی موضوع ماده ۳ قانون و ماده ۱۳ آئین نامه قانون تعیین تکلیف وضعیت ثبتی اراضی و ساختمانهای فاقد سند رسمی
برابر رای شماره ... هیات اول موضوع قانون تعیین تکلیف وضعیت ثبتی اراضی و ساختمانهای فاقد سند رسمی مستقر در واحد ثبتی تصرفات مالکانه بلا معارض متقاضی در یک قطعه زمین به مساحت ... مترمربع پلاک ... فرعی از ... اصلی خریداری از مالک رسمی محرز گردیده است. لذا به منظور اطلاع عموم مراتب در دو نوبت به فاصله ۱۵ روز آگهی می شود در صورتی که اشخاص نسبت به صدور سند مالکیت متقاضی اعتراضی داشته باشند می توانند از تاریخ انتشار اولین آگهی به مدت دو ماه اعتراض خود را به این اداره تسلیم و پس از اخذ رسید ظرف مدت یک ماه از تاریخ تسلیم اعتراض دادخواست خود را به مراجع قضائی تقدیم نمایند. بدیهی است در صورت انقضای مدت مذکور و عدم وصول اعتراض طبق مقررات سند مالکیت صادر خواهد شد.
تاریخ انتشار نوبت اول: ۱۴۰۵/۰۲/۱۱ تاریخ انتشار نوبت دوم: ۱۴۰۵/۰۲/۲۶
بهمن سارانی - رئیس ثبت اسناد و املاک کلاله
آگهی موضوع ماده ۳ قانون و ماده ۱۳ آئین نامه قانون تعیین تکلیف وضعیت ثبتی اراضی و ساختمانهای فاقد سند رسمی
برابر رای شماره ... هیات اول موضوع قانون تعیین تکلیف وضعیت ثبتی اراضی و ساختمانهای فاقد سند رسمی مستقر در واحد ثبتی تصرفات مالکانه بلا معارض متقاضی در یک قطعه زمین به مساحت ... مترمربع پلاک ... فرعی از ... اصلی خریداری از مالک رسمی محرز گردیده است. لذا به منظور اطلاع عموم مراتب در دو نوبت به فاصله ۱۵ روز آگهی می شود در صورتی که اشخاص نسبت به صدور سند مالکیت متقاضی اعتراضی داشته باشند می توانند از تاریخ انتشار اولین آگهی به مدت دو ماه اعتراض خود را به این اداره تسلیم و پس از اخذ رسید ظرف مدت یک ماه از تاریخ تسلیم اعتراض دادخواست خود را به مراجع قضائی تقدیم نمایند. بدیهی است در صورت انقضای مدت مذکور و عدم وصول اعتراض طبق مقررات سند مالکیت صادر خواهد شد.
تاریخ انتشار نوبت اول: ۱۴۰۵/۰۲/۱۱ تاریخ انتشار نوبت دوم: ۱۴۰۵/۰۲/۲۶
جلیل علیزاده کاریزانلو - رئیس ثبت اسناد و املاک فیروزکوه
آگهی موضوع ماده ۳ قانون و ماده ۱۳ آئین نامه قانون تعیین تکلیف وضعیت ثبتی اراضی و ساختمانهای فاقد سند رسمی
برابر رای شماره ... هیات اول موضوع قانون تعیین تکلیف وضعیت ثبتی اراضی و ساختمانهای فاقد سند رسمی مستقر در واحد ثبتی تصرفات مالکانه بلا معارض متقاضی در یک قطعه زمین به مساحت ... مترمربع پلاک ... فرعی از ... اصلی خریداری از مالک رسمی محرز گردیده است. لذا به منظور اطلاع عموم مراتب در دو نوبت به فاصله ۱۵ روز آگهی می شود در صورتی که اشخاص نسبت به صدور سند مالکیت متقاضی اعتراضی داشته باشند می توانند از تاریخ انتشار اولین آگهی به مدت دو ماه اعتراض خود را به این اداره تسلیم و پس از اخذ رسید ظرف مدت یک ماه از تاریخ تسلیم اعتراض دادخواست خود را به مراجع قضائی تقدیم نمایند. بدیهی است در صورت انقضای مدت مذکور و عدم وصول اعتراض طبق مقررات سند مالکیت صادر خواهد شد.
تاریخ انتشار نوبت اول: ۱۴۰۵/۰۲/۱۱ تاریخ انتشار نوبت دوم: ۱۴۰۵/۰۲/۲۶
مهدی ناصری - رئیس ثبت اسناد و املاک شهریار
آگهی موضوع ماده ۳ قانون و ماده ۱۳ آئین نامه قانون تعیین تکلیف وضعیت ثبتی اراضی و ساختمانهای فاقد سند رسمی
برابر رای شماره ... هیات اول موضوع قانون تعیین تکلیف وضعیت ثبتی اراضی و ساختمانهای فاقد سند رسمی مستقر در واحد ثبتی تصرفات مالکانه بلا معارض متقاضی در یک قطعه زمین به مساحت ... مترمربع پلاک ... فرعی از ... اصلی خریداری از مالک رسمی محرز گردیده است. لذا به منظور اطلاع عموم مراتب در دو نوبت به فاصله ۱۵ روز آگهی می شود در صورتی که اشخاص نسبت به صدور سند مالکیت متقاضی اعتراضی داشته باشند می توانند از تاریخ انتشار اولین آگهی به مدت دو ماه اعتراض خود را به این اداره تسلیم و پس از اخذ رسید ظرف مدت یک ماه از تاریخ تسلیم اعتراض دادخواست خود را به مراجع قضائی تقدیم نمایند. بدیهی است در صورت انقضای مدت مذکور و عدم وصول اعتراض طبق مقررات سند مالکیت صادر خواهد شد.
تاریخ انتشار نوبت اول: ۱۴۰۵/۰۲/۱۱ تاریخ انتشار نوبت دوم: ۱۴۰۵/۰۲/۲۶
حمیدرضا حیاتی - رئیس اداره ثبت اسناد و املاک شهرستان نهاوند
آگهی موضوع ماده ۳ قانون و ماده ۱۳ آئین نامه قانون تعیین تکلیف وضعیت ثبتی اراضی و ساختمانهای فاقد سند رسمی
برابر رای شماره ... هیات اول موضوع قانون تعیین تکلیف وضعیت ثبتی اراضی و ساختمانهای فاقد سند رسمی مستقر در واحد ثبتی تصرفات مالکانه بلا معارض متقاضی در یک قطعه زمین به مساحت ... مترمربع پلاک ... فرعی از ... اصلی خریداری از مالک رسمی محرز گردیده است. لذا به منظور اطلاع عموم مراتب در دو نوبت به فاصله ۱۵ روز آگهی می شود در صورتی که اشخاص نسبت به صدور سند مالکیت متقاضی اعتراضی داشته باشند می توانند از تاریخ انتشار اولین آگهی به مدت دو ماه اعتراض خود را به این اداره تسلیم و پس از اخذ رسید ظرف مدت یک ماه از تاریخ تسلیم اعتراض دادخواست خود را به مراجع قضائی تقدیم نمایند. بدیهی است در صورت انقضای مدت مذکور و عدم وصول اعتراض طبق مقررات سند مالکیت صادر خواهد شد.
تاریخ انتشار نوبت اول: ۱۴۰۵/۰۲/۱۱ تاریخ انتشار نوبت دوم: ۱۴۰۵/۰۲/۲۶
مهدی نوری - رئیس اداره ثبت اسناد و املاک بندرگز
آگهی موضوع ماده ۳ قانون و ماده ۱۳ آئین نامه قانون تعیین تکلیف وضعیت ثبتی اراضی و ساختمانهای فاقد سند رسمی
برابر رای شماره ... هیات اول موضوع قانون تعیین تکلیف وضعیت ثبتی اراضی و ساختمانهای فاقد سند رسمی مستقر در واحد ثبتی تصرفات مالکانه بلا معارض متقاضی در یک قطعه زمین به مساحت ... مترمربع پلاک ... فرعی از ... اصلی خریداری از مالک رسمی محرز گردیده است. لذا به منظور اطلاع عموم مراتب در دو نوبت به فاصله ۱۵ روز آگهی می شود در صورتی که اشخاص نسبت به صدور سند مالکیت متقاضی اعتراضی داشته باشند می توانند از تاریخ انتشار اولین آگهی به مدت دو ماه اعتراض خود را به این اداره تسلیم و پس از اخذ رسید ظرف مدت یک ماه از تاریخ تسلیم اعتراض دادخواست خود را به مراجع قضائی تقدیم نمایند. بدیهی است در صورت انقضای مدت مذکور و عدم وصول اعتراض طبق مقررات سند مالکیت صادر خواهد شد.
تاریخ انتشار نوبت اول: ۱۴۰۵/۰۲/۱۱ تاریخ انتشار نوبت دوم: ۱۴۰۵/۰۲/۲۶
بهمن سارانی - رئیس ثبت اسناد و املاک کلاله
آگهی موضوع ماده ۳ قانون و ماده ۱۳ آئین نامه قانون تعیین تکلیف وضعیت ثبتی اراضی و ساختمانهای فاقد سند رسمی
برابر رای شماره ... هیات اول موضوع قانون تعیین تکلیف وضعیت ثبتی اراضی و ساختمانهای فاقد سند رسمی مستقر در واحد ثبتی تصرفات مالکانه بلا معارض متقاضی در یک قطعه زمین به مساحت ... مترمربع پلاک ... فرعی از ... اصلی خریداری از مالک رسمی محرز گردیده است. لذا به منظور اطلاع عموم مراتب در دو نوبت به فاصله ۱۵ روز آگهی می شود در صورتی که اشخاص نسبت به صدور سند مالکیت متقاضی اعتراضی داشته باشند می توانند از تاریخ انتشار اولین آگهی به مدت دو ماه اعتراض خود را به این اداره تسلیم و پس از اخذ رسید ظرف مدت یک ماه از تاریخ تسلیم اعتراض دادخواست خود را به مراجع قضائی تقدیم نمایند. بدیهی است در صورت انقضای مدت مذکور و عدم وصول اعتراض طبق مقررات سند مالکیت صادر خواهد شد.
تاریخ انتشار نوبت اول: ۱۴۰۵/۰۲/۱۱ تاریخ انتشار نوبت دوم: ۱۴۰۵/۰۲/۲۶
جلیل علیزاده کاریزانلو - رئیس ثبت اسناد و املاک فیروزکوه
آگهی موضوع ماده ۳ قانون و ماده ۱۳ آئین نامه قانون تعیین تکلیف وضعیت ثبتی اراضی و ساختمانهای فاقد سند رسمی
برابر رای شماره ... هیات اول موضوع قانون تعیین تکلیف وضعیت ثبتی اراضی و ساختمانهای فاقد سند رسمی مستقر در واحد ثبتی تصرفات مالکانه بلا معارض متقاضی در یک قطعه زمین به مساحت ... مترمربع پلاک ... فرعی از ... اصلی خریداری از مالک رسمی محرز گردیده است. لذا به منظور اطلاع عموم مراتب در دو نوبت به فاصله ۱۵ روز آگهی می شود در صورتی که اشخاص نسبت به صدور سند مالکیت متقاضی اعتراضی داشته باشند می توانند از تاریخ انتشار اولین آگهی به مدت دو ماه اعتراض خود را به این اداره تسلیم و پس از اخذ رسید ظرف مدت یک ماه از تاریخ تسلیم اعتراض دادخواست خود را به مراجع قضائی تقدیم نمایند. بدیهی است در صورت انقضای مدت مذکور و عدم وصول اعتراض طبق مقررات سند مالکیت صادر خواهد شد.
تاریخ انتشار نوبت اول: ۱۴۰۵/۰۲/۱۱ تاریخ انتشار نوبت دوم: ۱۴۰۵/۰۲/۲۶
مهدی ناصری - رئیس ثبت اسناد و املاک شهریار
آگهی موضوع ماده ۳ قانون و ماده ۱۳ آئین نامه قانون تعیین تکلیف وضعیت ثبتی اراضی و ساختمانهای فاقد سند رسمی
برابر رای شماره ... هیات اول موضوع قانون تعیین تکلیف وضعیت ثبتی اراضی و ساختمانهای فاقد سند رسمی مستقر در واحد ثبتی تصرفات مالکانه بلا معارض متقاضی در یک قطعه زمین به مساحت ... مترمربع پلاک ... فرعی از ... اصلی خریداری از مالک رسمی محرز گردیده است. لذا به منظور اطلاع عموم مراتب در دو نوبت به فاصله ۱۵ روز آگهی می شود در صورتی که اشخاص نسبت به صدور سند مالکیت متقاضی اعتراضی داشته باشند می توانند از تاریخ انتشار اولین آگهی به مدت دو ماه اعتراض خود را به این اداره تسلیم و پس از اخذ رسید ظرف مدت یک ماه از تاریخ تسلیم اعتراض دادخواست خود را به مراجع قضائی تقدیم نمایند. بدیهی است در صورت انقضای مدت مذکور و عدم وصول اعتراض طبق مقررات سند مالکیت صادر خواهد شد.
تاریخ انتشار نوبت اول: ۱۴۰۵/۰۲/۱۱ تاریخ انتشار نوبت دوم: ۱۴۰۵/۰۲/۲۶
حمیدرضا حیاتی - رئیس اداره ثبت اسناد و املاک شهرستان نهاوند
آگهی موضوع ماده ۳ قانون و ماده ۱۳ آئین نامه قانون تعیین تکلیف وضعیت ثبتی اراضی و ساختمانهای فاقد سند رسمی
برابر رای شماره ... هیات اول موضوع قانون تعیین تکلیف وضعیت ثبتی اراضی و ساختمانهای فاقد سند رسمی مستقر در واحد ثبتی تصرفات مالکانه بلا معارض متقاضی در یک قطعه زمین به مساحت ... مترمربع پلاک ... فرعی از ... اصلی خریداری از مالک رسمی محرز گردیده است. لذا به منظور اطلاع عموم مراتب در دو نوبت به فاصله ۱۵ روز آگهی می شود در صورتی که اشخاص نسبت به صدور سند مالکیت متقاضی اعتراضی داشته باشند می توانند از تاریخ انتشار اولین آگهی به مدت دو ماه اعتراض خود را به این اداره تسلیم و پس از اخذ رسید ظرف مدت یک ماه از تاریخ تسلیم اعتراض دادخواست خود را به مراجع قضائی تقدیم نمایند. بدیهی است در صورت انقضای مدت مذکور و عدم وصول اعتراض طبق مقررات سند مالکیت صادر خواهد شد.
تاریخ انتشار نوبت اول: ۱۴۰۵/۰۲/۱۱ تاریخ انتشار نوبت دوم: ۱۴۰۵/۰۲/۲۶
رضا ساراقی - رئیس اداره ثبت اسناد و املاک گمیشان
آگهی موضوع ماده ۳ قانون و ماده ۱۳ آئین نامه قانون تعیین تکلیف وضعیت ثبتی اراضی و ساختمانهای فاقد سند رسمی
برابر رای شماره ... هیات اول موضوع قانون تعیین تکلیف وضعیت ثبتی اراضی و ساختمانهای فاقد سند رسمی مستقر در واحد ثبتی تصرفات مالکانه بلا معارض متقاضی در یک قطعه زمین به مساحت ... مترمربع پلاک ... فرعی از ... اصلی خریداری از مالک رسمی محرز گردیده است. لذا به منظور اطلاع عموم مراتب در دو نوبت به فاصله ۱۵ روز آگهی می شود در صورتی که اشخاص نسبت به صدور سند مالکیت متقاضی اعتراضی داشته باشند می توانند از تاریخ انتشار اولین آگهی به مدت دو ماه اعتراض خود را به این اداره تسلیم و پس از اخذ رسید ظرف مدت یک ماه از تاریخ تسلیم اعتراض دادخواست خود را به مراجع قضائی تقدیم نمایند. بدیهی است در صورت انقضای مدت مذکور و عدم وصول اعتراض طبق مقررات سند مالکیت صادر خواهد شد.
تاریخ انتشار نوبت اول: ۱۴۰۵/۰۲/۱۱ تاریخ انتشار نوبت دوم: ۱۴۰۵/۰۲/۲۶
صالح نبی اسدآباد
آگهی موضوع ماده ۳ قانون و ماده ۱۳ آئین نامه قانون تعیین تکلیف وضعیت ثبتی اراضی و ساختمانهای فاقد سند رسمی
برابر رای شماره ... هیات اول موضوع قانون تعیین تکلیف وضعیت ثبتی اراضی و ساختمانهای فاقد سند رسمی مستقر در واحد ثبتی تصرفات مالکانه بلا معارض متقاضی در یک قطعه زمین به مساحت ... مترمربع پلاک ... فرعی از ... اصلی خریداری از مالک رسمی محرز گردیده است. لذا به منظور اطلاع عموم مراتب در دو نوبت به فاصله ۱۵ روز آگهی می شود در صورتی که اشخاص نسبت به صدور سند مالکیت متقاضی اعتراضی داشته باشند می توانند از تاریخ انتشار اولین آگهی به مدت دو ماه اعتراض خود را به این اداره تسلیم و پس از اخذ رسید ظرف مدت یک ماه از تاریخ تسلیم اعتراض دادخواست خود را به مراجع قضائی تقدیم نمایند. بدیهی است در صورت انقضای مدت مذکور و عدم وصول اعتراض طبق مقررات سند مالکیت صادر خواهد شد.
تاریخ انتشار نوبت اول: ۱۴۰۵/۰۲/۱۱ تاریخ انتشار نوبت دوم: ۱۴۰۵/۰۲/۲۶
مهدی نوری - رئیس اداره ثبت اسناد و املاک بندرگز
آگهی موضوع ماده ۳ قانون و ماده ۱۳ آئین نامه قانون تعیین تکلیف وضعیت ثبتی اراضی و ساختمانهای فاقد سند رسمی
برابر رای شماره ... هیات اول موضوع قانون تعیین تکلیف وضعیت ثبتی اراضی و ساختمانهای فاقد سند رسمی مستقر در واحد ثبتی تصرفات مالکانه بلا معارض متقاضی در یک قطعه زمین به مساحت ... مترمربع پلاک ... فرعی از ... اصلی خریداری از مالک رسمی محرز گردیده است. لذا به منظور اطلاع عموم مراتب در دو نوبت به فاصله ۱۵ روز آگهی می شود در صورتی که اشخاص نسبت به صدور سند مالکیت متقاضی اعتراضی داشته باشند می توانند از تاریخ انتشار اولین آگهی به مدت دو ماه اعتراض خود را به این اداره تسلیم و پس از اخذ رسید ظرف مدت یک ماه از تاریخ تسلیم اعتراض دادخواست خود را به مراجع قضائی تقدیم نمایند. بدیهی است در صورت انقضای مدت مذکور و عدم وصول اعتراض طبق مقررات سند مالکیت صادر خواهد شد.
تاریخ انتشار نوبت اول: ۱۴۰۵/۰۲/۱۱ تاریخ انتشار نوبت دوم: ۱۴۰۵/۰۲/۲۶
بهمن سارانی - رئیس ثبت اسناد و املاک کلاله
آگهی موضوع ماده ۳ قانون و ماده ۱۳ آئین نامه قانون تعیین تکلیف وضعیت ثبتی اراضی و ساختمانهای فاقد سند رسمی
برابر رای شماره ... هیات اول موضوع قانون تعیین تکلیف وضعیت ثبتی اراضی و ساختمانهای فاقد سند رسمی مستقر در واحد ثبتی تصرفات مالکانه بلا معارض متقاضی در یک قطعه زمین به مساحت ... مترمربع پلاک ... فرعی از ... اصلی خریداری از مالک رسمی محرز گردیده است. لذا به منظور اطلاع عموم مراتب در دو نوبت به فاصله ۱۵ روز آگهی می شود در صورتی که اشخاص نسبت به صدور سند مالکیت متقاضی اعتراضی داشته باشند می توانند از تاریخ انتشار اولین آگهی به مدت دو ماه اعتراض خود را به این اداره تسلیم و پس از اخذ رسید ظرف مدت یک ماه از تاریخ تسلیم اعتراض دادخواست خود را به مراجع قضائی تقدیم نمایند. بدیهی است در صورت انقضای مدت مذکور و عدم وصول اعتراض طبق مقررات سند مالکیت صادر خواهد شد.
تاریخ انتشار نوبت اول: ۱۴۰۵/۰۲/۱۱ تاریخ انتشار نوبت دوم: ۱۴۰۵/۰۲/۲۶
جلیل علیزاده کاریزانلو - رئیس ثبت اسناد و املاک فیروزکوه
آگهی موضوع ماده ۳ قانون و ماده ۱۳ آئین نامه قانون تعیین تکلیف وضعیت ثبتی اراضی و ساختمانهای فاقد سند رسمی
برابر رای شماره ... هیات اول موضوع قانون تعیین تکلیف وضعیت ثبتی اراضی و ساختمانهای فاقد سند رسمی مستقر در واحد ثبتی تصرفات مالکانه بلا معارض متقاضی در یک قطعه زمین به مساحت ... مترمربع پلاک ... فرعی از ... اصلی خریداری از مالک رسمی محرز گردیده است. لذا به منظور اطلاع عموم مراتب در دو نوبت به فاصله ۱۵ روز آگهی می شود در صورتی که اشخاص نسبت به صدور سند مالکیت متقاضی اعتراضی داشته باشند می توانند از تاریخ انتشار اولین آگهی به مدت دو ماه اعتراض خود را به این اداره تسلیم و پس از اخذ رسید ظرف مدت یک ماه از تاریخ تسلیم اعتراض دادخواست خود را به مراجع قضائی تقدیم نمایند. بدیهی است در صورت انقضای مدت مذکور و عدم وصول اعتراض طبق مقررات سند مالکیت صادر خواهد شد.
تاریخ انتشار نوبت اول: ۱۴۰۵/۰۲/۱۱ تاریخ انتشار نوبت دوم: ۱۴۰۵/۰۲/۲۶
مهدی ناصری - رئیس ثبت اسناد و املاک شهریار
آگهی موضوع ماده ۳ قانون و ماده ۱۳ آئین نامه قانون تعیین تکلیف وضعیت ثبتی اراضی و ساختمانهای فاقد سند رسمی
برابر رای شماره ... هیات اول موضوع قانون تعیین تکلیف وضعیت ثبتی اراضی و ساختمانهای فاقد سند رسمی مستقر در واحد ثبتی تصرفات مالکانه بلا معارض متقاضی در یک قطعه زمین به مساحت ... مترمربع پلاک ... فرعی از ... اصلی خریداری از مالک رسمی محرز گردیده است. لذا به منظور اطلاع عموم مراتب در دو نوبت به فاصله ۱۵ روز آگهی می شود در صورتی که اشخاص نسبت به صدور سند مالکیت متقاضی اعتراضی داشته باشند می توانند از تاریخ انتشار اولین آگهی به مدت دو ماه اعتراض خود را به این اداره تسلیم و پس از اخذ رسید ظرف مدت یک ماه از تاریخ تسلیم اعتراض دادخواست خود را به مراجع قضائی تقدیم نمایند. بدیهی است در صورت انقضای مدت مذکور و عدم وصول اعتراض طبق مقررات سند مالکیت صادر خواهد شد.
تاریخ انتشار نوبت اول: ۱۴۰۵/۰۲/۱۱ تاریخ انتشار نوبت دوم: ۱۴۰۵/۰۲/۲۶
حمیدرضا حیاتی - رئیس اداره ثبت اسناد و املاک شهرستان نهاوند
آگهی موضوع ماده ۳ قانون و ماده ۱۳ آئین نامه قانون تعیین تکلیف وضعیت ثبتی اراضی و ساختمانهای فاقد سند رسمی
برابر رای شماره ... هیات اول موضوع قانون تعیین تکلیف وضعیت ثبتی اراضی و ساختمانهای فاقد سند رسمی مستقر در واحد ثبتی تصرفات مالکانه بلا معارض متقاضی در یک قطعه زمین به مساحت ... مترمربع پلاک ... فرعی از ... اصلی خریداری از مالک رسمی محرز گردیده است. لذا به منظور اطلاع عموم مراتب در دو نوبت به فاصله ۱۵ روز آگهی می شود در صورتی که اشخاص نسبت به صدور سند مالکیت متقاضی اعتراضی داشته باشند می توانند از تاریخ انتشار اولین آگهی به مدت دو ماه اعتراض خود را به این اداره تسلیم و پس از اخذ رسید ظرف مدت یک ماه از تاریخ تسلیم اعتراض دادخواست خود را به مراجع قضائی تقدیم نمایند. بدیهی است در صورت انقضای مدت مذکور و عدم وصول اعتراض طبق مقررات سند مالکیت صادر خواهد شد.
تاریخ انتشار نوبت اول: ۱۴۰۵/۰۲/۱۱ تاریخ انتشار نوبت دوم: ۱۴۰۵/۰۲/۲۶
رضا ساراقی - رئیس اداره ثبت اسناد و املاک گمیشان
آگهی موضوع ماده ۳ قانون و ماده ۱۳ آئین نامه قانون تعیین تکلیف وضعیت ثبتی اراضی و ساختمانهای فاقد سند رسمی
برابر رای شماره ... هیات اول موضوع قانون تعیین تکلیف وضعیت ثبتی اراضی و ساختمانهای فاقد سند رسمی مستقر در واحد ثبتی تصرفات مالکانه بلا معارض متقاضی در یک قطعه زمین به مساحت ... مترمربع پلاک ... فرعی از ... اصلی خریداری از مالک رسمی محرز گردیده است. لذا به منظور اطلاع عموم مراتب در دو نوبت به فاصله ۱۵ روز آگهی می شود در صورتی که اشخاص نسبت به صدور سند مالکیت متقاضی اعتراضی داشته باشند می توانند از تاریخ انتشار اولین آگهی به مدت دو ماه اعتراض خود را به این اداره تسلیم و پس از اخذ رسید ظرف مدت یک ماه از تاریخ تسلیم اعتراض دادخواست خود را به مراجع قضائی تقدیم نمایند. بدیهی است در صورت انقضای مدت مذکور و عدم وصول اعتراض طبق مقررات سند مالکیت صادر خواهد شد.
تاریخ انتشار نوبت اول: ۱۴۰۵/۰۲/۱۱ تاریخ انتشار نوبت دوم: ۱۴۰۵/۰۲/۲۶
صالح نبی اسدآباد
